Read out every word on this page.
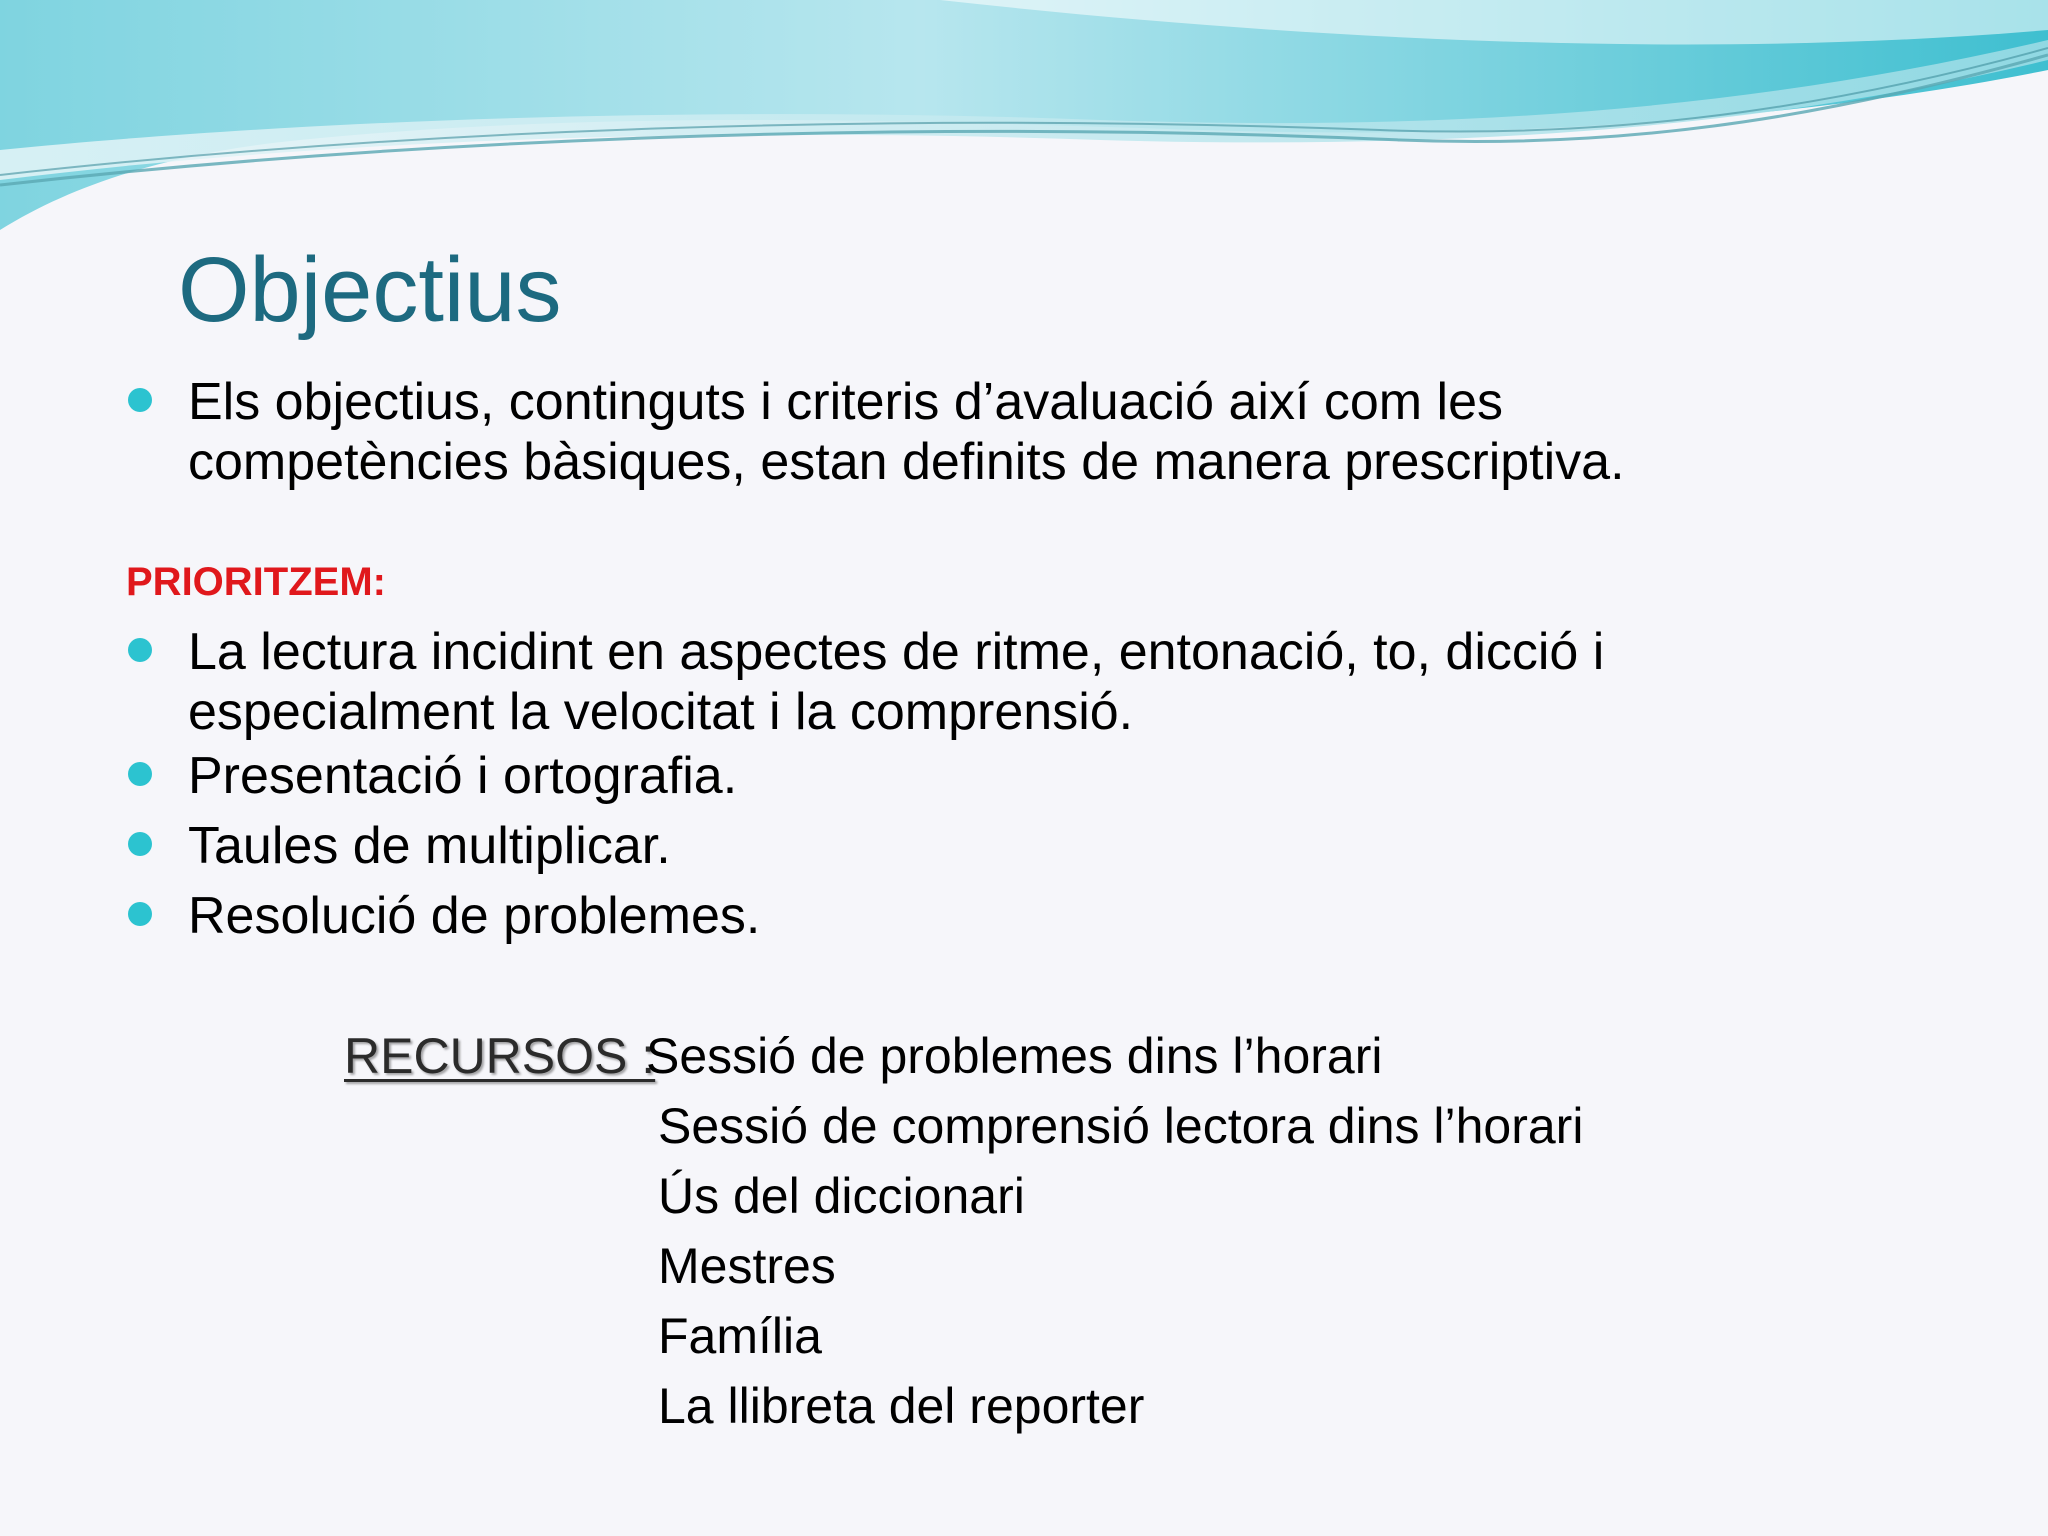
Objectius
Els objectius, continguts i criteris d’avaluació així com les
competències bàsiques, estan definits de manera prescriptiva.
PRIORITZEM:
La lectura incidint en aspectes de ritme, entonació, to, dicció i
especialment la velocitat i la comprensió.
Presentació i ortografia.
Taules de multiplicar.
Resolució de problemes.
RECURSOS :
Sessió de problemes dins l’horari
Sessió de comprensió lectora dins l’horari
Ús del diccionari
Mestres
Família
La llibreta del reporter
